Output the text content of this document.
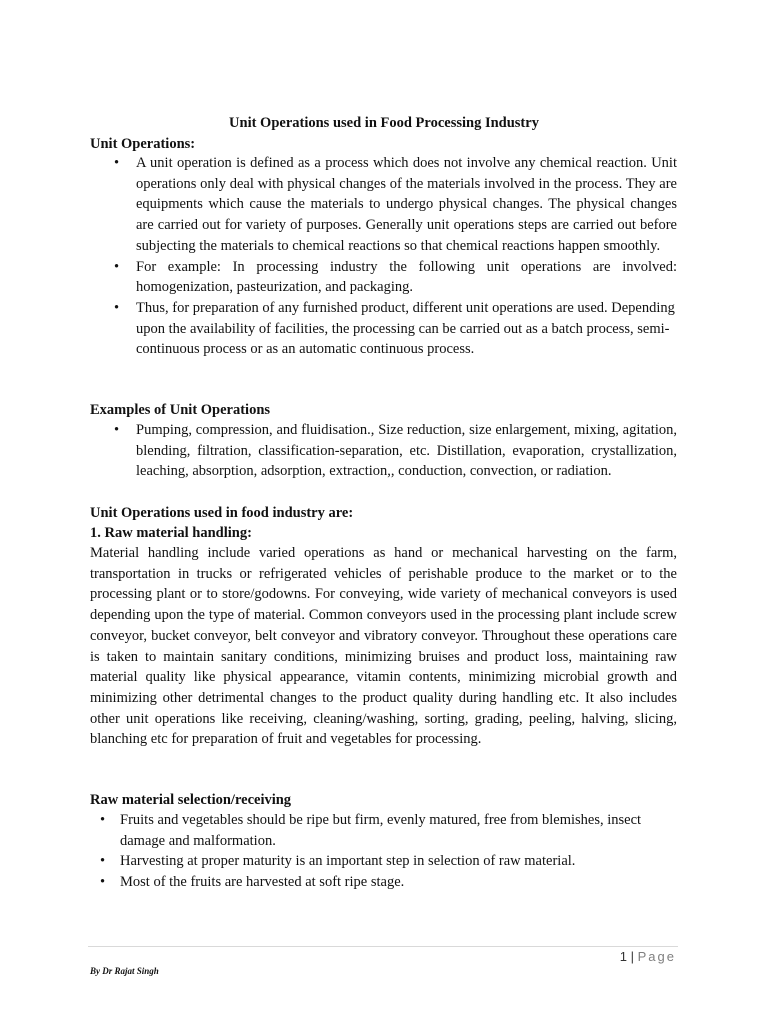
Unit Operations used in Food Processing Industry
Unit Operations:
• A unit operation is defined as a process which does not involve any chemical reaction. Unit operations only deal with physical changes of the materials involved in the process. They are equipments which cause the materials to undergo physical changes. The physical changes are carried out for variety of purposes. Generally unit operations steps are carried out before subjecting the materials to chemical reactions so that chemical reactions happen smoothly.
• For example: In processing industry the following unit operations are involved: homogenization, pasteurization, and packaging.
• Thus, for preparation of any furnished product, different unit operations are used. Depending upon the availability of facilities, the processing can be carried out as a batch process, semi-continuous process or as an automatic continuous process.
Examples of Unit Operations
• Pumping, compression, and fluidisation., Size reduction, size enlargement, mixing, agitation, blending, filtration, classification-separation, etc. Distillation, evaporation, crystallization, leaching, absorption, adsorption, extraction,, conduction, convection, or radiation.
Unit Operations used in food industry are:
1. Raw material handling:

Material handling include varied operations as hand or mechanical harvesting on the farm, transportation in trucks or refrigerated vehicles of perishable produce to the market or to the processing plant or to store/godowns. For conveying, wide variety of mechanical conveyors is used depending upon the type of material. Common conveyors used in the processing plant include screw conveyor, bucket conveyor, belt conveyor and vibratory conveyor. Throughout these operations care is taken to maintain sanitary conditions, minimizing bruises and product loss, maintaining raw material quality like physical appearance, vitamin contents, minimizing microbial growth and minimizing other detrimental changes to the product quality during handling etc. It also includes other unit operations like receiving, cleaning/washing, sorting, grading, peeling, halving, slicing, blanching etc for preparation of fruit and vegetables for processing.

Raw material selection/receiving
• Fruits and vegetables should be ripe but firm, evenly matured, free from blemishes, insect damage and malformation.
• Harvesting at proper maturity is an important step in selection of raw material.
• Most of the fruits are harvested at soft ripe stage.
1 | Page
By Dr Rajat Singh
